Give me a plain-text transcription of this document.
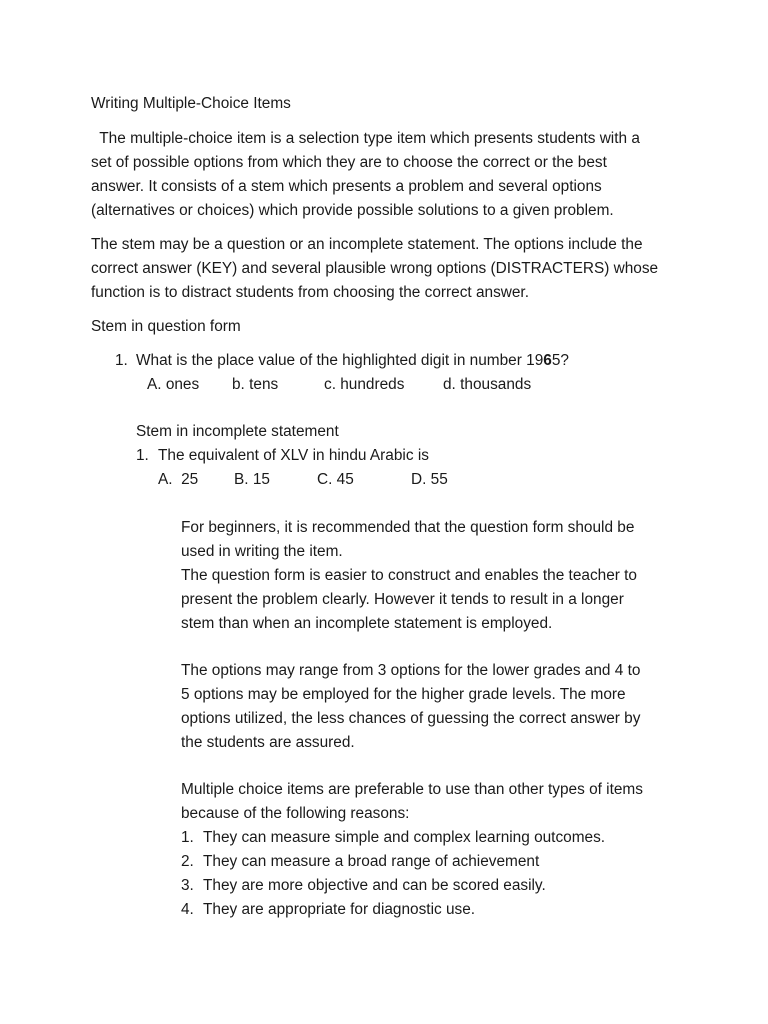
Writing Multiple-Choice Items
The multiple-choice item is a selection type item which presents students with a
set of possible options from which they are to choose the correct or the best
answer. It consists of a stem which presents a problem and several options
(alternatives or choices) which provide possible solutions to a given problem.
The stem may be a question or an incomplete statement. The options include the
correct answer (KEY) and several plausible wrong options (DISTRACTERS) whose
function is to distract students from choosing the correct answer.
Stem in question form
1. What is the place value of the highlighted digit in number 1965?
A. ones b. tens	c. hundreds	d. thousands
Stem in incomplete statement
1. The equivalent of XLV in hindu Arabic is
A.  25 B. 15	C. 45	D. 55
For beginners, it is recommended that the question form should be
used in writing the item.
The question form is easier to construct and enables the teacher to
present the problem clearly. However it tends to result in a longer
stem than when an incomplete statement is employed.
The options may range from 3 options for the lower grades and 4 to
5 options may be employed for the higher grade levels. The more
options utilized, the less chances of guessing the correct answer by
the students are assured.
Multiple choice items are preferable to use than other types of items
because of the following reasons:
1. They can measure simple and complex learning outcomes.
2. They can measure a broad range of achievement
3. They are more objective and can be scored easily.
4. They are appropriate for diagnostic use.
